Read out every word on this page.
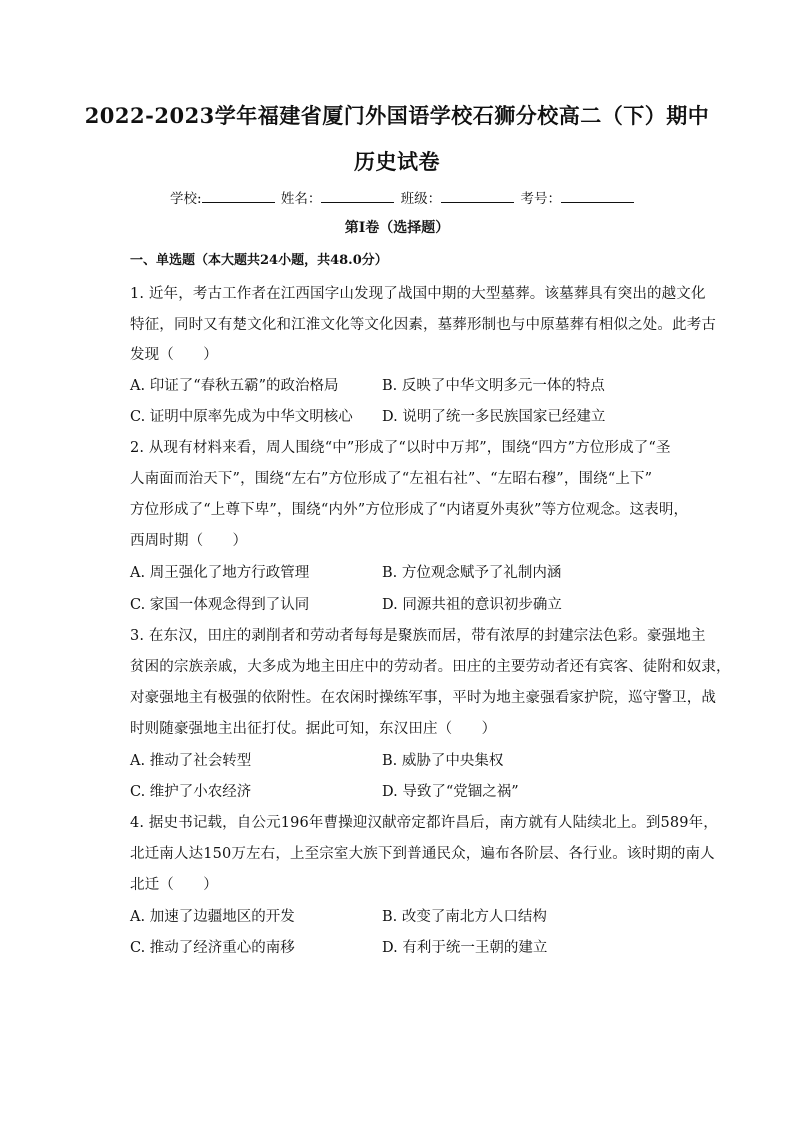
2022-2023学年福建省厦门外国语学校石狮分校高二（下）期中
历史试卷
学校:	姓名：	班级：	考号：
第I卷（选择题）
一、单选题（本大题共24小题，共48.0分）
1. 近年，考古工作者在江西国字山发现了战国中期的大型墓葬。该墓葬具有突出的越文化
特征，同时又有楚文化和江淮文化等文化因素，墓葬形制也与中原墓葬有相似之处。此考古
发现（　　）
A. 印证了“春秋五霸”的政治格局	B. 反映了中华文明多元一体的特点
C. 证明中原率先成为中华文明核心 D. 说明了统一多民族国家已经建立
2. 从现有材料来看，周人围绕“中”形成了“以时中万邦”，围绕“四方”方位形成了“圣
人南面而治天下”，围绕“左右”方位形成了“左祖右社”、“左昭右穆”，围绕“上下”
方位形成了“上尊下卑”，围绕“内外”方位形成了“内诸夏外夷狄”等方位观念。这表明，
西周时期（　　）
A. 周王强化了地方行政管理	B. 方位观念赋予了礼制内涵
C. 家国一体观念得到了认同	D. 同源共祖的意识初步确立
3. 在东汉，田庄的剥削者和劳动者每每是聚族而居，带有浓厚的封建宗法色彩。豪强地主
贫困的宗族亲戚，大多成为地主田庄中的劳动者。田庄的主要劳动者还有宾客、徒附和奴隶，
对豪强地主有极强的依附性。在农闲时操练军事，平时为地主豪强看家护院，巡守警卫，战
时则随豪强地主出征打仗。据此可知，东汉田庄（　　）
A. 推动了社会转型	B. 威胁了中央集权
C. 维护了小农经济	D. 导致了“党锢之祸”
4. 据史书记载，自公元196年曹操迎汉献帝定都许昌后，南方就有人陆续北上。到589年，
北迁南人达150万左右，上至宗室大族下到普通民众，遍布各阶层、各行业。该时期的南人
北迁（　　）
A. 加速了边疆地区的开发	B. 改变了南北方人口结构
C. 推动了经济重心的南移	D. 有利于统一王朝的建立
